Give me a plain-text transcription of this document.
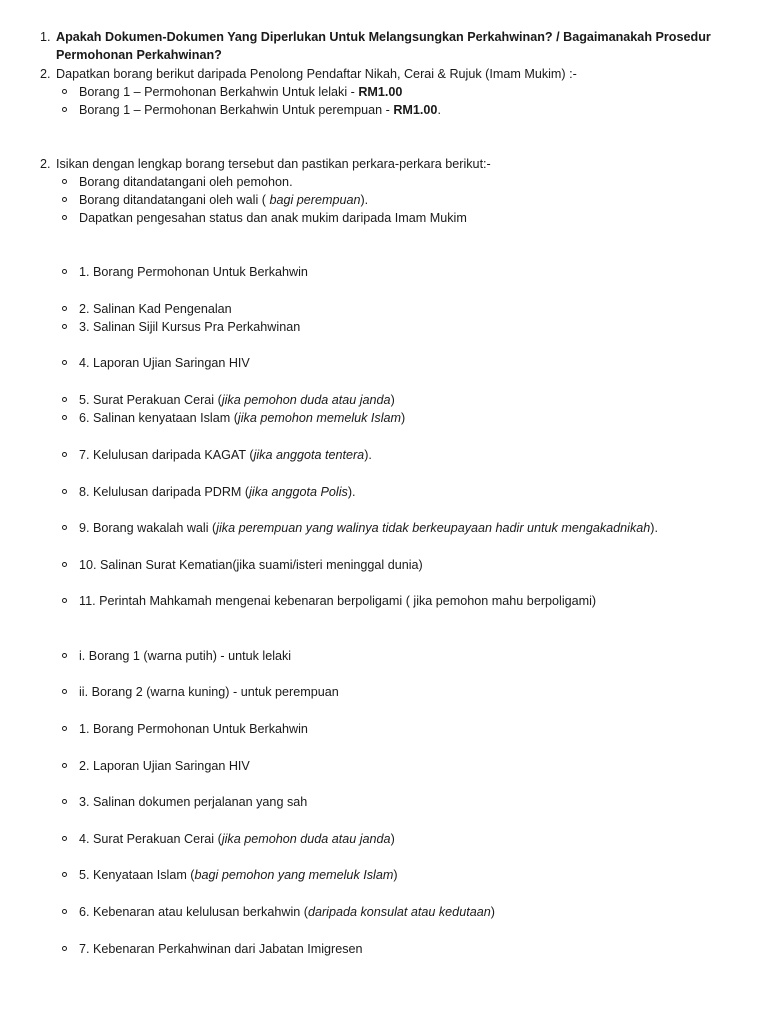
1. Apakah Dokumen-Dokumen Yang Diperlukan Untuk Melangsungkan Perkahwinan? / Bagaimanakah Prosedur
Permohonan Perkahwinan?
2. Dapatkan borang berikut daripada Penolong Pendaftar Nikah, Cerai & Rujuk (Imam Mukim) :-
Borang 1 – Permohonan Berkahwin Untuk lelaki - RM1.00
Borang 1 – Permohonan Berkahwin Untuk perempuan - RM1.00.
2. Isikan dengan lengkap borang tersebut dan pastikan perkara-perkara berikut:-
Borang ditandatangani oleh pemohon.
Borang ditandatangani oleh wali ( bagi perempuan).
Dapatkan pengesahan status dan anak mukim daripada Imam Mukim
1. Borang Permohonan Untuk Berkahwin
2. Salinan Kad Pengenalan
3. Salinan Sijil Kursus Pra Perkahwinan
4. Laporan Ujian Saringan HIV
5. Surat Perakuan Cerai (jika pemohon duda atau janda)
6. Salinan kenyataan Islam (jika pemohon memeluk Islam)
7. Kelulusan daripada KAGAT (jika anggota tentera).
8. Kelulusan daripada PDRM (jika anggota Polis).
9. Borang wakalah wali (jika perempuan yang walinya tidak berkeupayaan hadir untuk mengakadnikah).
10. Salinan Surat Kematian(jika suami/isteri meninggal dunia)
11. Perintah Mahkamah mengenai kebenaran berpoligami ( jika pemohon mahu berpoligami)
i. Borang 1 (warna putih) - untuk lelaki
ii. Borang 2 (warna kuning) - untuk perempuan
1. Borang Permohonan Untuk Berkahwin
2. Laporan Ujian Saringan HIV
3. Salinan dokumen perjalanan yang sah
4. Surat Perakuan Cerai (jika pemohon duda atau janda)
5. Kenyataan Islam (bagi pemohon yang memeluk Islam)
6. Kebenaran atau kelulusan berkahwin (daripada konsulat atau kedutaan)
7. Kebenaran Perkahwinan dari Jabatan Imigresen
